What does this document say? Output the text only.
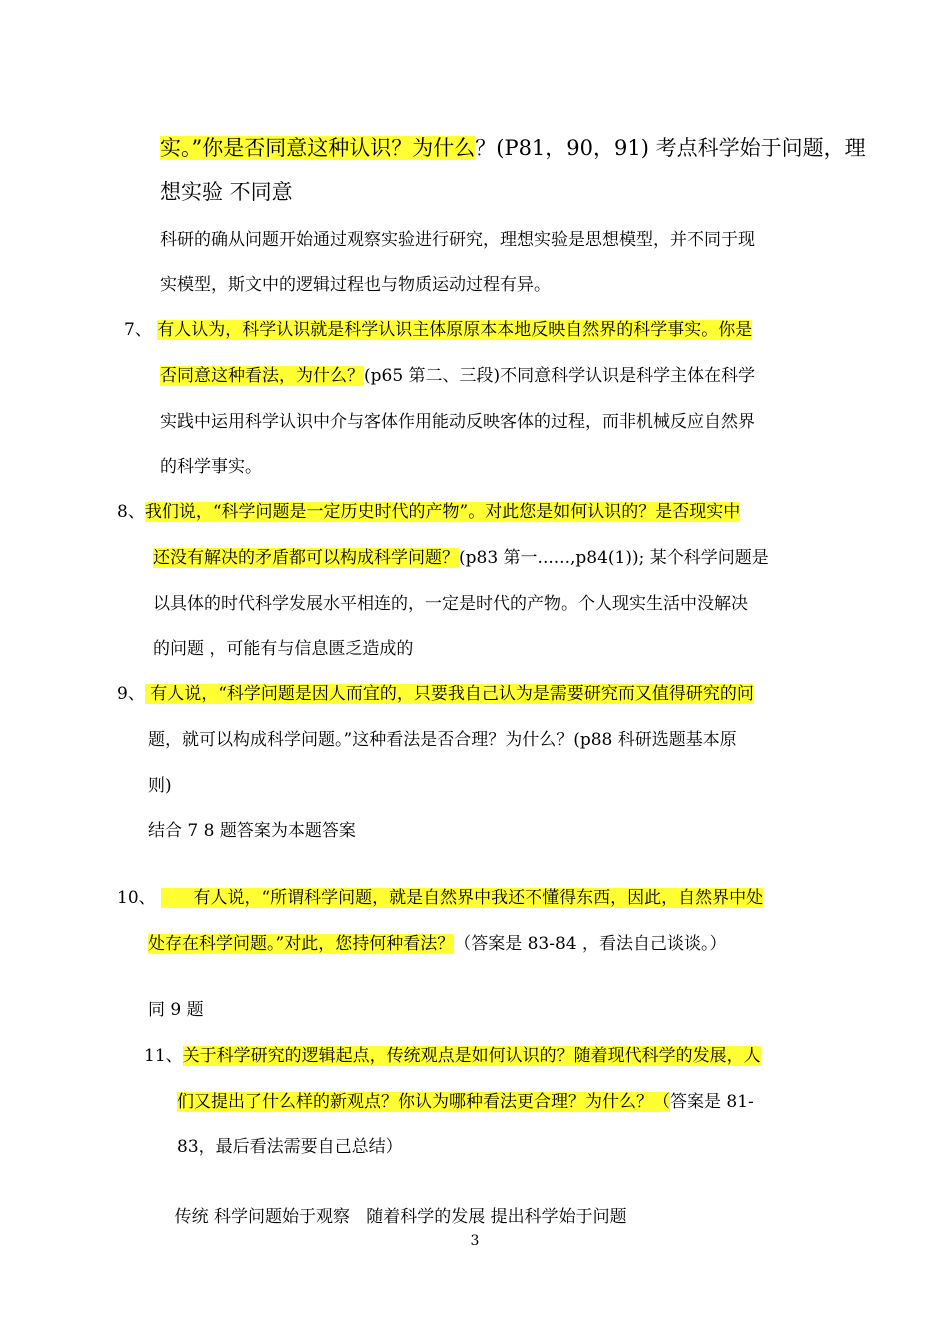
实。”你是否同意这种认识？为什么？(P81，90，91) 考点科学始于问题，理
想实验 不同意
科研的确从问题开始通过观察实验进行研究，理想实验是思想模型，并不同于现
实模型，斯文中的逻辑过程也与物质运动过程有异。
7、 有人认为，科学认识就是科学认识主体原原本本地反映自然界的科学事实。你是
否同意这种看法，为什么？(p65 第二、三段)不同意科学认识是科学主体在科学
实践中运用科学认识中介与客体作用能动反映客体的过程，而非机械反应自然界
的科学事实。
8、我们说，“科学问题是一定历史时代的产物”。对此您是如何认识的？是否现实中
还没有解决的矛盾都可以构成科学问题？(p83 第一......,p84(1)); 某个科学问题是
以具体的时代科学发展水平相连的，一定是时代的产物。个人现实生活中没解决
的问题 ，可能有与信息匮乏造成的
9、 有人说，“科学问题是因人而宜的，只要我自己认为是需要研究而又值得研究的问
题，就可以构成科学问题。”这种看法是否合理？为什么？(p88 科研选题基本原
则)
结合 7 8 题答案为本题答案
10、       有人说，“所谓科学问题，就是自然界中我还不懂得东西，因此，自然界中处
处存在科学问题。”对此，您持何种看法？（答案是 83-84 ，看法自己谈谈。）
同 9 题
11、关于科学研究的逻辑起点，传统观点是如何认识的？随着现代科学的发展，人
们又提出了什么样的新观点？你认为哪种看法更合理？为什么？（答案是 81-
83，最后看法需要自己总结）

传统 科学问题始于观察   随着科学的发展 提出科学始于问题

3
